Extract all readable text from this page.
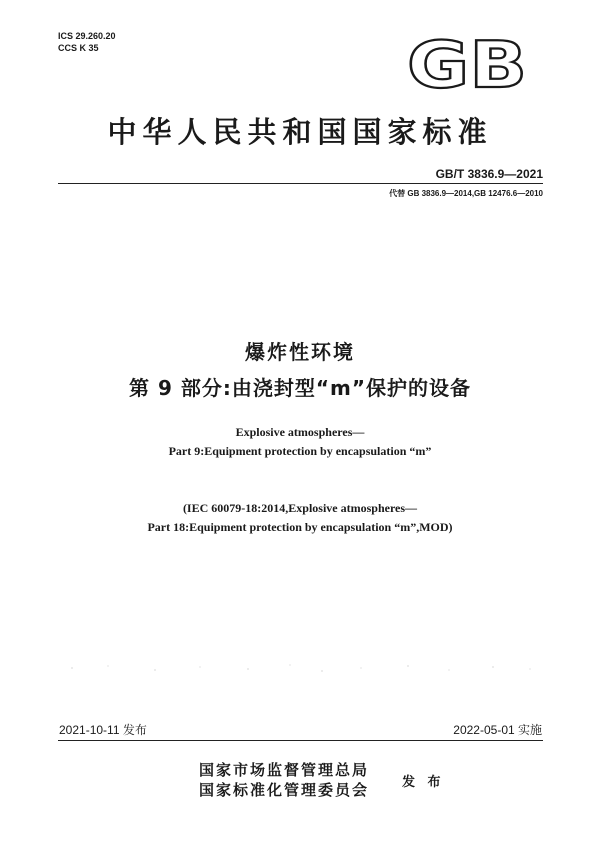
ICS 29.260.20
CCS K 35	GB
中华人民共和国国家标准
GB/T 3836.9—2021
代替 GB 3836.9—2014,GB 12476.6—2010
爆炸性环境
第 9 部分:由浇封型“m”保护的设备
Explosive atmospheres—
Part 9:Equipment protection by encapsulation “m”
(IEC 60079-18:2014,Explosive atmospheres—
Part 18:Equipment protection by encapsulation “m”,MOD)
2021-10-11 发布	2022-05-01 实施
国家市场监督管理总局
国家标准化管理委员会	发 布
